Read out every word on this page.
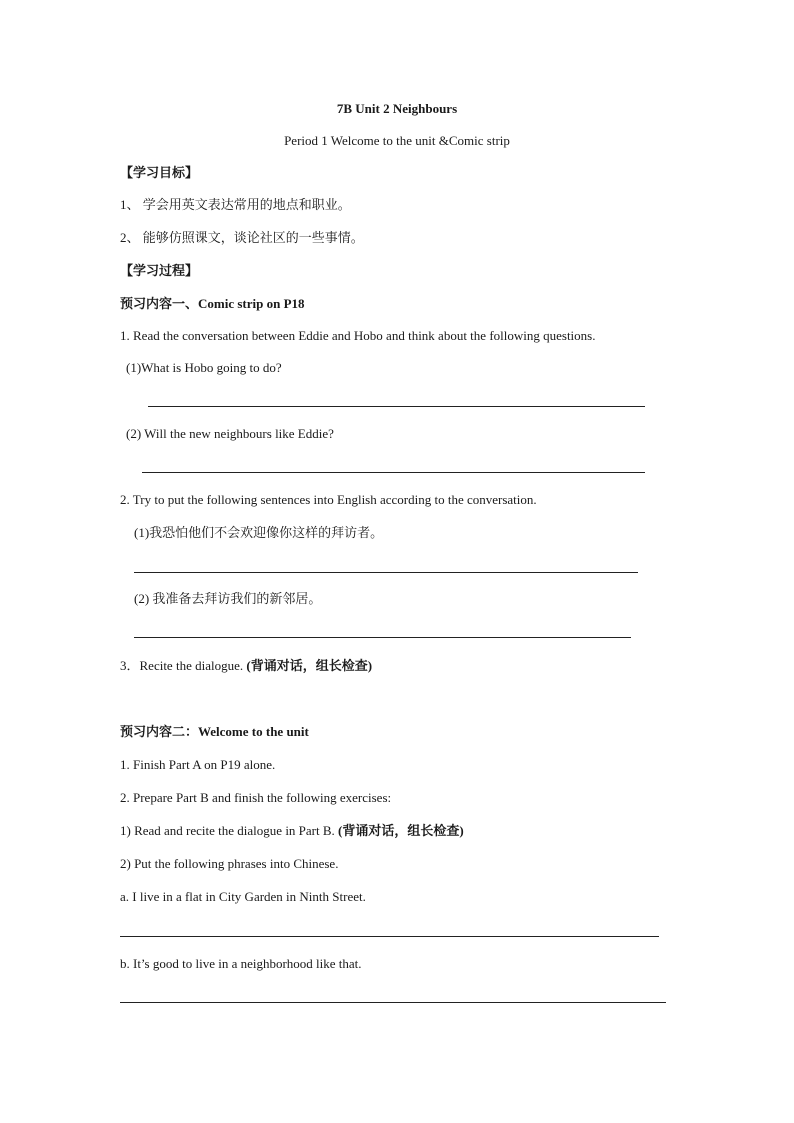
7B Unit 2 Neighbours
Period 1 Welcome to the unit &Comic strip
【学习目标】
1、 学会用英文表达常用的地点和职业。
2、 能够仿照课文，谈论社区的一些事情。
【学习过程】
预习内容一、Comic strip on P18
1. Read the conversation between Eddie and Hobo and think about the following questions.
(1)What is Hobo going to do?
(2) Will the new neighbours like Eddie?
2. Try to put the following sentences into English according to the conversation.
(1)我恐怕他们不会欢迎像你这样的拜访者。
(2) 我准备去拜访我们的新邻居。
3．Recite the dialogue. (背诵对话，组长检查)
预习内容二：Welcome to the unit
1. Finish Part A on P19 alone.
2. Prepare Part B and finish the following exercises:
1) Read and recite the dialogue in Part B. (背诵对话，组长检查)
2) Put the following phrases into Chinese.
a. I live in a flat in City Garden in Ninth Street.
b. It’s good to live in a neighborhood like that.
